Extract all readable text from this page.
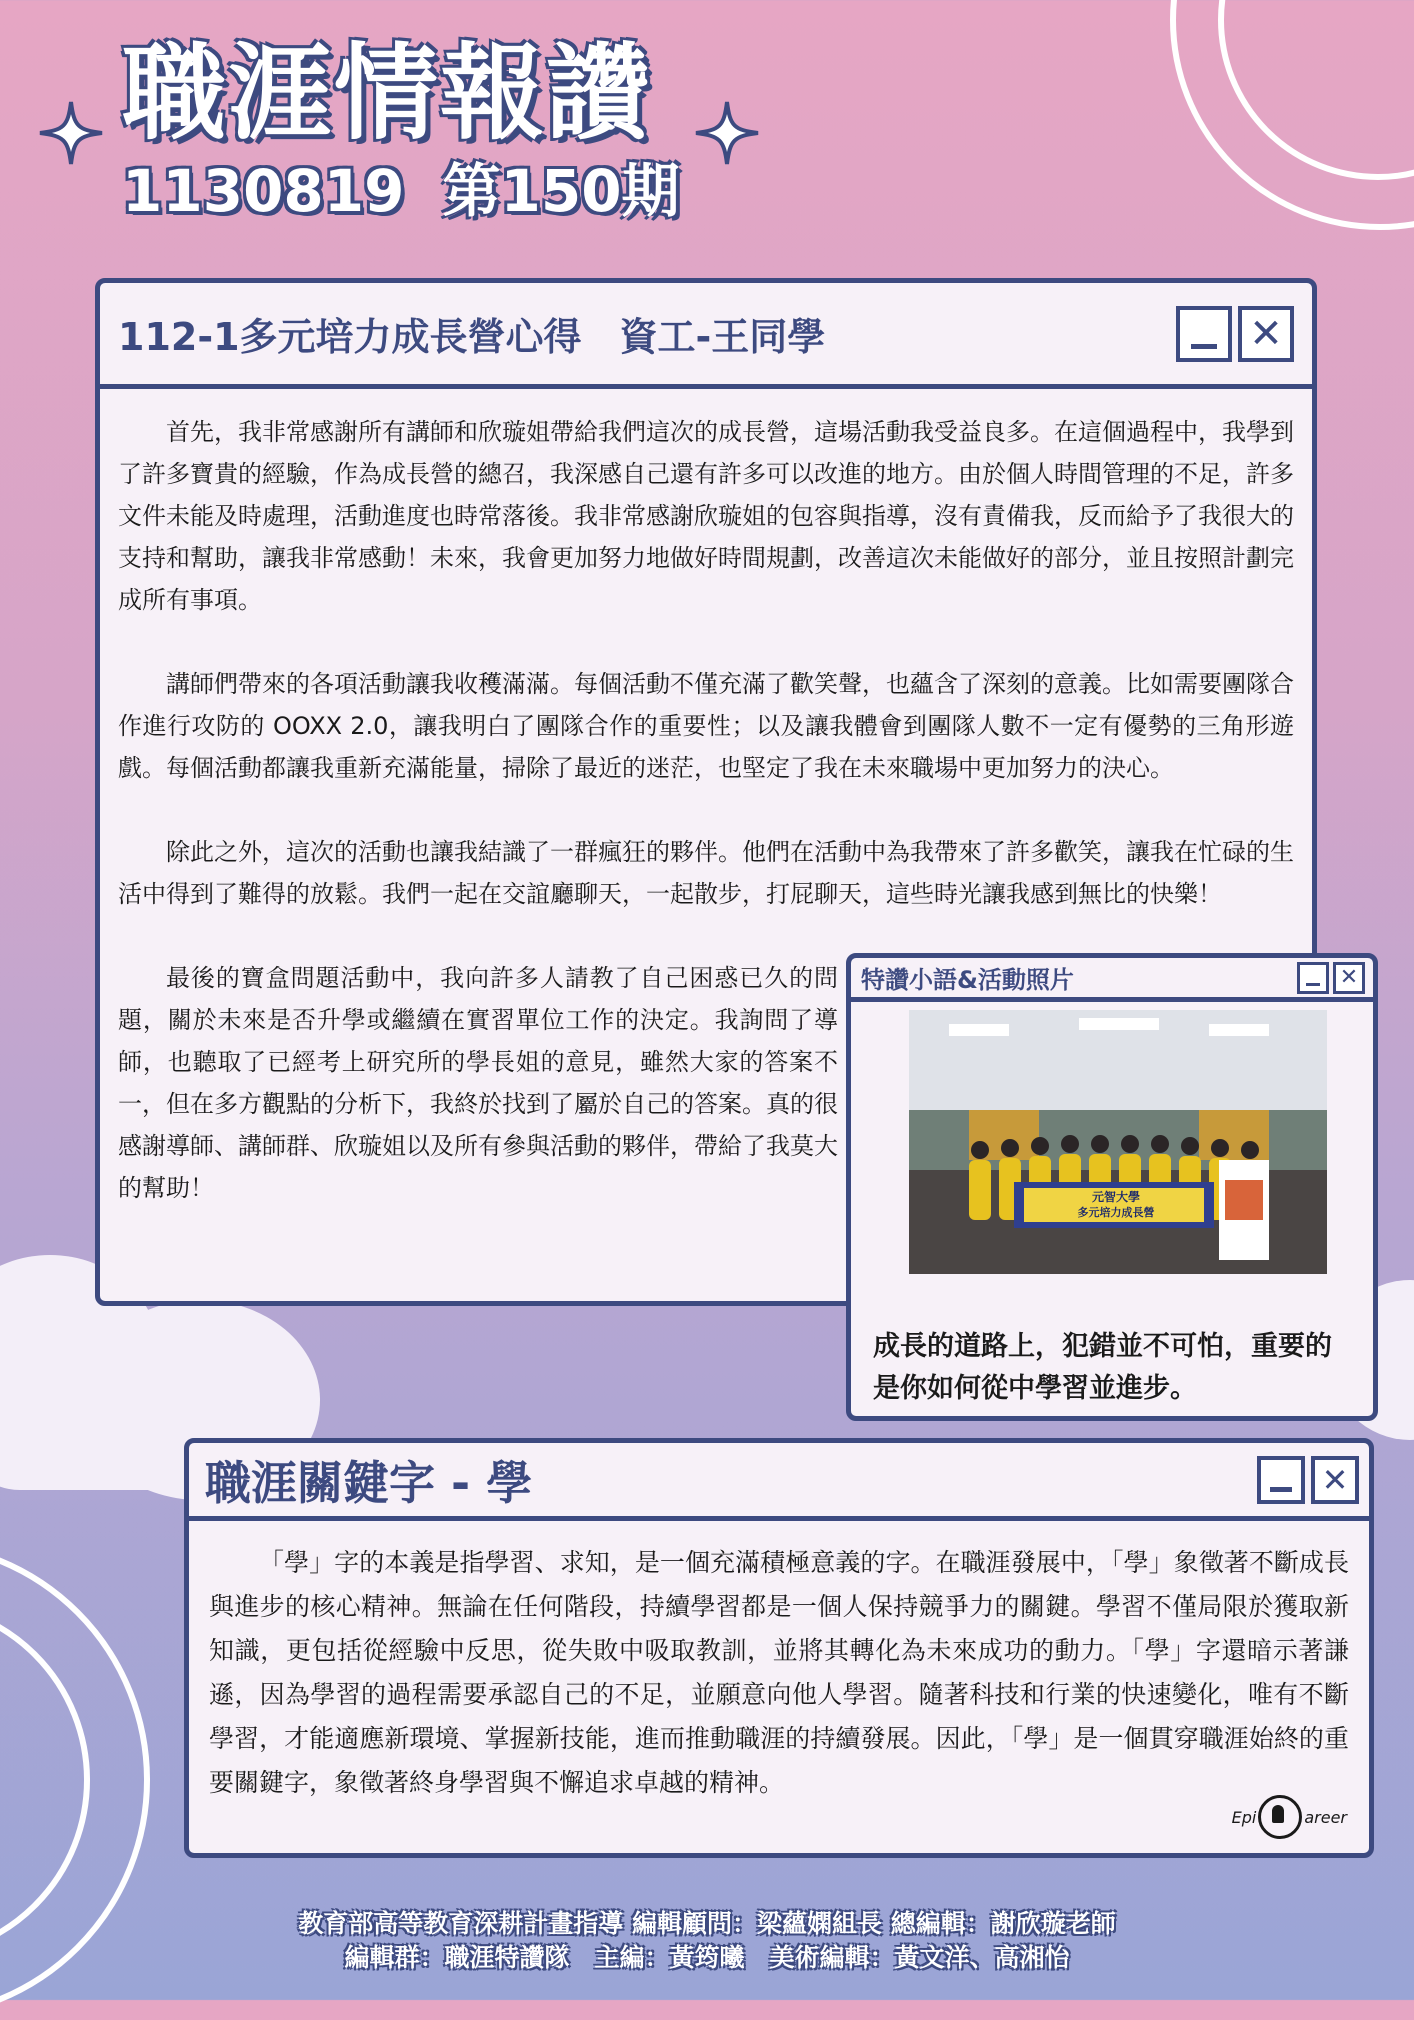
職涯情報讚
1130819 第150期
112-1多元培力成長營心得　資工-王同學	✕

首先，我非常感謝所有講師和欣璇姐帶給我們這次的成長營，這場活動我受益良多。在這個過程中，我學到了許多寶貴的經驗，作為成長營的總召，我深感自己還有許多可以改進的地方。由於個人時間管理的不足，許多文件未能及時處理，活動進度也時常落後。我非常感謝欣璇姐的包容與指導，沒有責備我，反而給予了我很大的支持和幫助，讓我非常感動！未來，我會更加努力地做好時間規劃，改善這次未能做好的部分，並且按照計劃完成所有事項。

講師們帶來的各項活動讓我收穫滿滿。每個活動不僅充滿了歡笑聲，也蘊含了深刻的意義。比如需要團隊合作進行攻防的 OOXX 2.0，讓我明白了團隊合作的重要性；以及讓我體會到團隊人數不一定有優勢的三角形遊戲。每個活動都讓我重新充滿能量，掃除了最近的迷茫，也堅定了我在未來職場中更加努力的決心。

除此之外，這次的活動也讓我結識了一群瘋狂的夥伴。他們在活動中為我帶來了許多歡笑，讓我在忙碌的生活中得到了難得的放鬆。我們一起在交誼廳聊天，一起散步，打屁聊天，這些時光讓我感到無比的快樂！

最後的寶盒問題活動中，我向許多人請教了自己困惑已久的問題，關於未來是否升學或繼續在實習單位工作的決定。我詢問了導師，也聽取了已經考上研究所的學長姐的意見，雖然大家的答案不一，但在多方觀點的分析下，我終於找到了屬於自己的答案。真的很感謝導師、講師群、欣璇姐以及所有參與活動的夥伴，帶給了我莫大的幫助！

特讚小語&活動照片	✕
元智大學
多元培力成長營
成長的道路上，犯錯並不可怕，重要的是你如何從中學習並進步。
職涯關鍵字 - 學	✕

「學」字的本義是指學習、求知，是一個充滿積極意義的字。在職涯發展中，「學」象徵著不斷成長與進步的核心精神。無論在任何階段，持續學習都是一個人保持競爭力的關鍵。學習不僅局限於獲取新知識，更包括從經驗中反思，從失敗中吸取教訓，並將其轉化為未來成功的動力。「學」字還暗示著謙遜，因為學習的過程需要承認自己的不足，並願意向他人學習。隨著科技和行業的快速變化，唯有不斷學習，才能適應新環境、掌握新技能，進而推動職涯的持續發展。因此，「學」是一個貫穿職涯始終的重要關鍵字，象徵著終身學習與不懈追求卓越的精神。

Epi	areer
教育部高等教育深耕計畫指導 編輯顧問：梁蘊嫻組長 總編輯：謝欣璇老師
編輯群：職涯特讚隊　主編：黃筠曦　美術編輯：黃文洋、高湘怡
